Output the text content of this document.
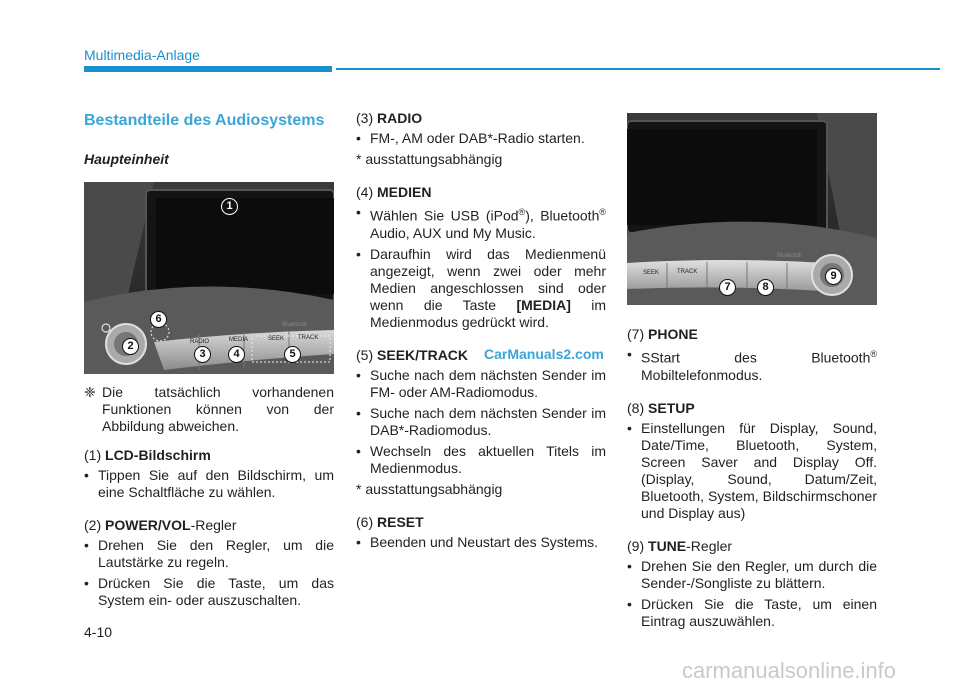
Multimedia-Anlage
Bestandteile des Audiosystems
Haupteinheit
❈ Die tatsächlich vorhandenen Funktionen können von der Abbildung abweichen.
(1) LCD-Bildschirm
• Tippen Sie auf den Bildschirm, um eine Schaltfläche zu wählen.
(2) POWER/VOL-Regler
• Drehen Sie den Regler, um die Lautstärke zu regeln.
• Drücken Sie die Taste, um das System ein- oder auszuschalten.
RADIO	MEDIA	SEEK TRACK
Bluetooth
1
2
6
3	4	5
(3) RADIO
• FM-, AM oder DAB*-Radio starten.
* ausstattungsabhängig
(4) MEDIEN
• Wählen Sie USB (iPod®), Bluetooth® Audio, AUX und My Music.
• Daraufhin wird das Medienmenü angezeigt, wenn zwei oder mehr Medien angeschlossen sind oder wenn die Taste [MEDIA] im Medienmodus gedrückt wird.
(5) SEEK/TRACK
• Suche nach dem nächsten Sender im FM- oder AM-Radiomodus.
• Suche nach dem nächsten Sender im DAB*-Radiomodus.
• Wechseln des aktuellen Titels im Medienmodus.
* ausstattungsabhängig
(6) RESET
• Beenden und Neustart des Systems.
CarManuals2.com
SEEK	TRACK
Bluetooth
7	8
9
(7) PHONE
• SStart des Bluetooth® Mobiltelefonmodus.
(8) SETUP
• Einstellungen für Display, Sound, Date/Time, Bluetooth, System, Screen Saver and Display Off. (Display, Sound, Datum/Zeit, Bluetooth, System, Bildschirmschoner und Display aus)
(9) TUNE-Regler
• Drehen Sie den Regler, um durch die Sender-/Songliste zu blättern.
• Drücken Sie die Taste, um einen Eintrag auszuwählen.
4-10
carmanualsonline.info
